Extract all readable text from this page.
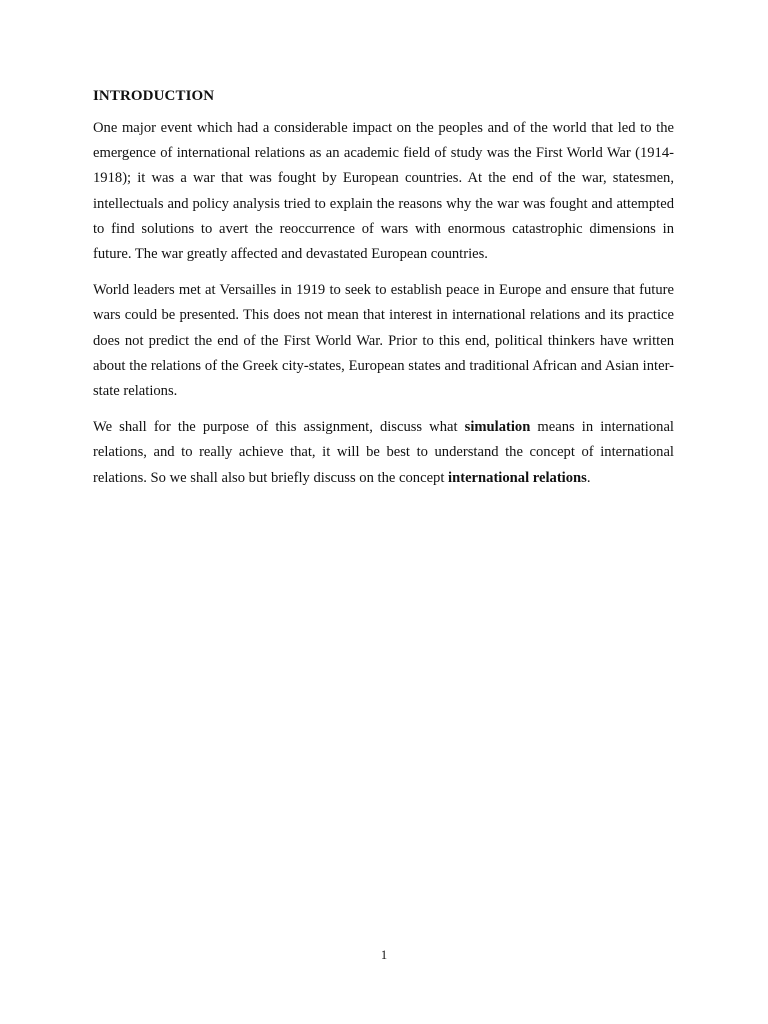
INTRODUCTION

One major event which had a considerable impact on the peoples and of the world that led to the emergence of international relations as an academic field of study was the First World War (1914-1918); it was a war that was fought by European countries. At the end of the war, statesmen, intellectuals and policy analysis tried to explain the reasons why the war was fought and attempted to find solutions to avert the reoccurrence of wars with enormous catastrophic dimensions in future. The war greatly affected and devastated European countries.

World leaders met at Versailles in 1919 to seek to establish peace in Europe and ensure that future wars could be presented. This does not mean that interest in international relations and its practice does not predict the end of the First World War. Prior to this end, political thinkers have written about the relations of the Greek city-states, European states and traditional African and Asian inter-state relations.

We shall for the purpose of this assignment, discuss what simulation means in international relations, and to really achieve that, it will be best to understand the concept of international relations. So we shall also but briefly discuss on the concept international relations.

1
